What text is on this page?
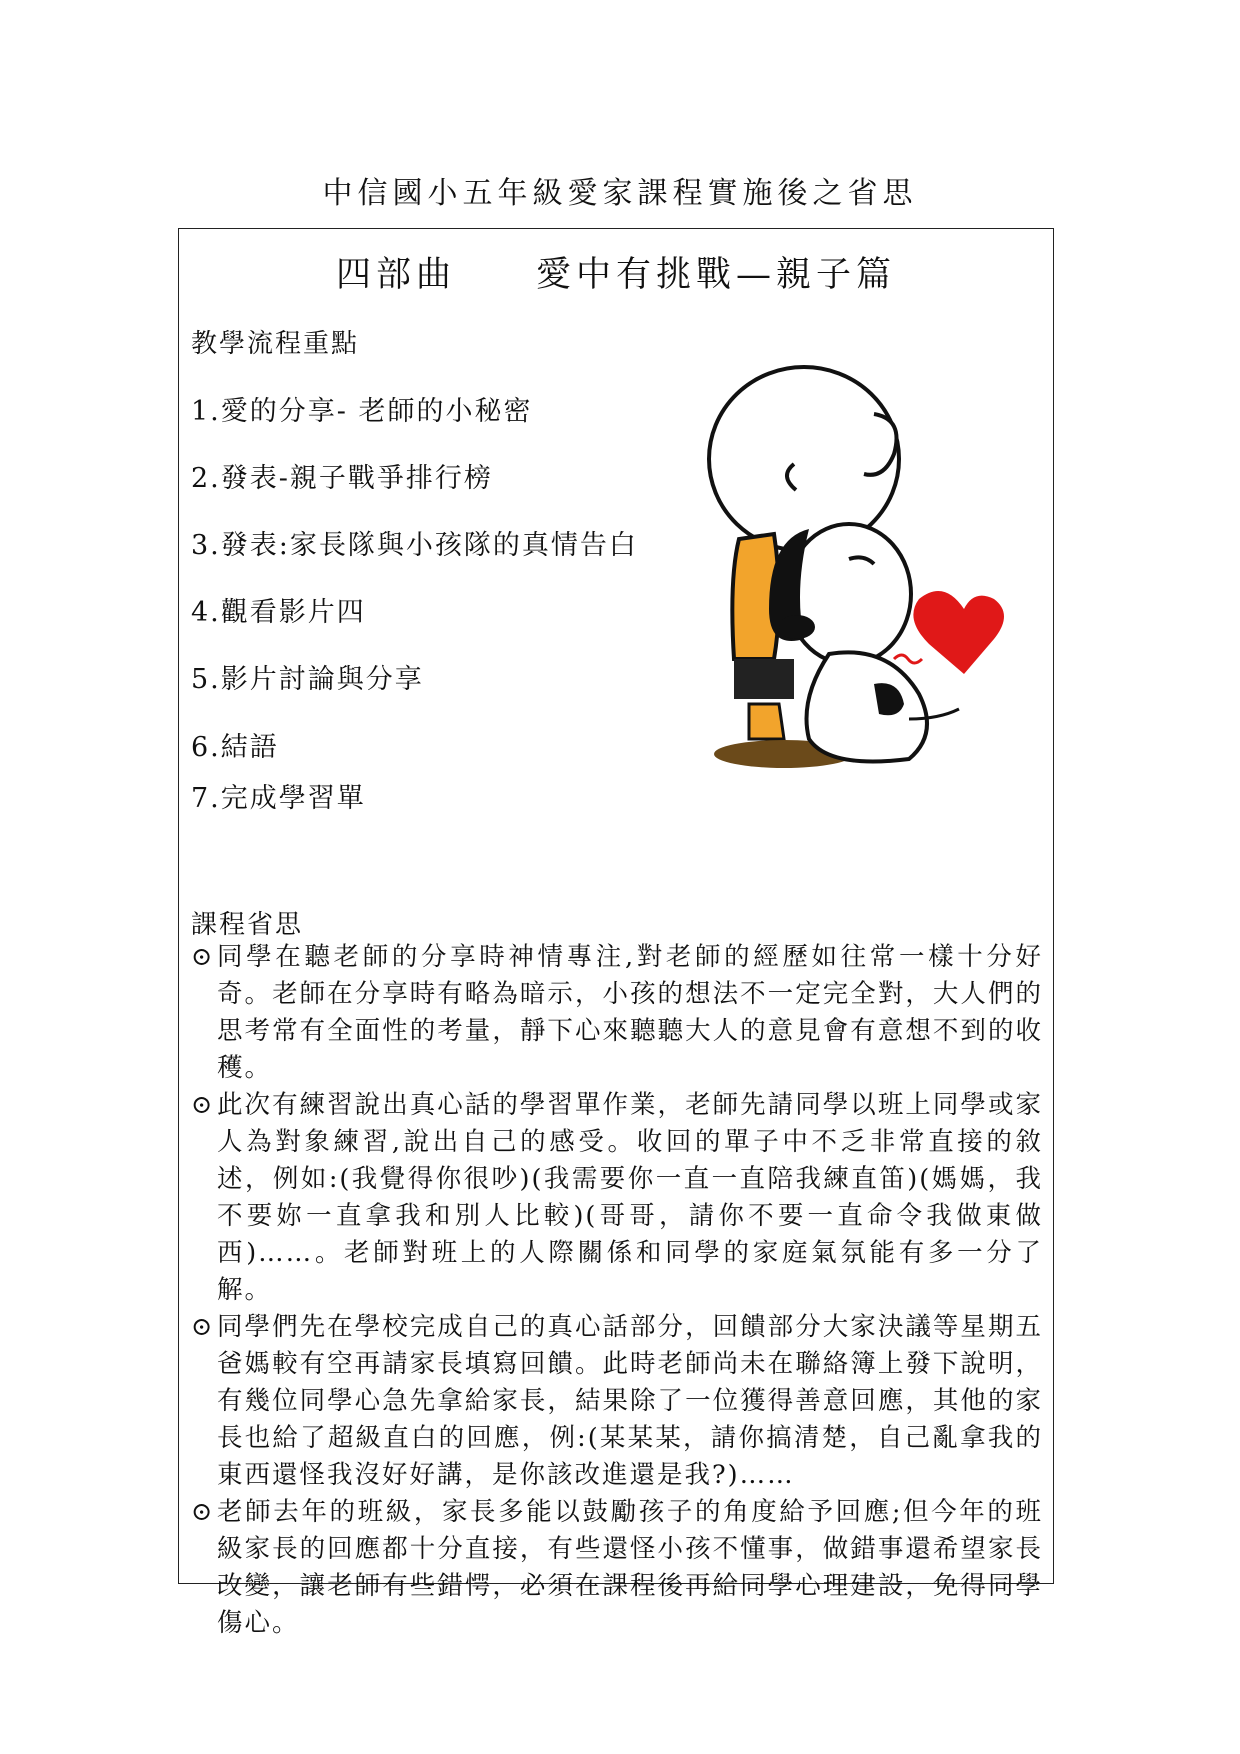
中信國小五年級愛家課程實施後之省思
四部曲　　愛中有挑戰—親子篇
教學流程重點
1.愛的分享- 老師的小秘密
2.發表-親子戰爭排行榜
3.發表:家長隊與小孩隊的真情告白
4.觀看影片四
5.影片討論與分享
6.結語
7.完成學習單
課程省思
⊙ 同學在聽老師的分享時神情專注,對老師的經歷如往常一樣十分好奇。老師在分享時有略為暗示，小孩的想法不一定完全對，大人們的思考常有全面性的考量，靜下心來聽聽大人的意見會有意想不到的收穫。
⊙ 此次有練習說出真心話的學習單作業，老師先請同學以班上同學或家人為對象練習,說出自己的感受。收回的單子中不乏非常直接的敘述，例如:(我覺得你很吵)(我需要你一直一直陪我練直笛)(媽媽，我不要妳一直拿我和別人比較)(哥哥，請你不要一直命令我做東做西)……。老師對班上的人際關係和同學的家庭氣氛能有多一分了解。
⊙ 同學們先在學校完成自己的真心話部分，回饋部分大家決議等星期五爸媽較有空再請家長填寫回饋。此時老師尚未在聯絡簿上發下說明，有幾位同學心急先拿給家長，結果除了一位獲得善意回應，其他的家長也給了超級直白的回應，例:(某某某，請你搞清楚，自己亂拿我的東西還怪我沒好好講，是你該改進還是我?)……
⊙ 老師去年的班級，家長多能以鼓勵孩子的角度給予回應;但今年的班級家長的回應都十分直接，有些還怪小孩不懂事，做錯事還希望家長改變，讓老師有些錯愕，必須在課程後再給同學心理建設，免得同學傷心。
